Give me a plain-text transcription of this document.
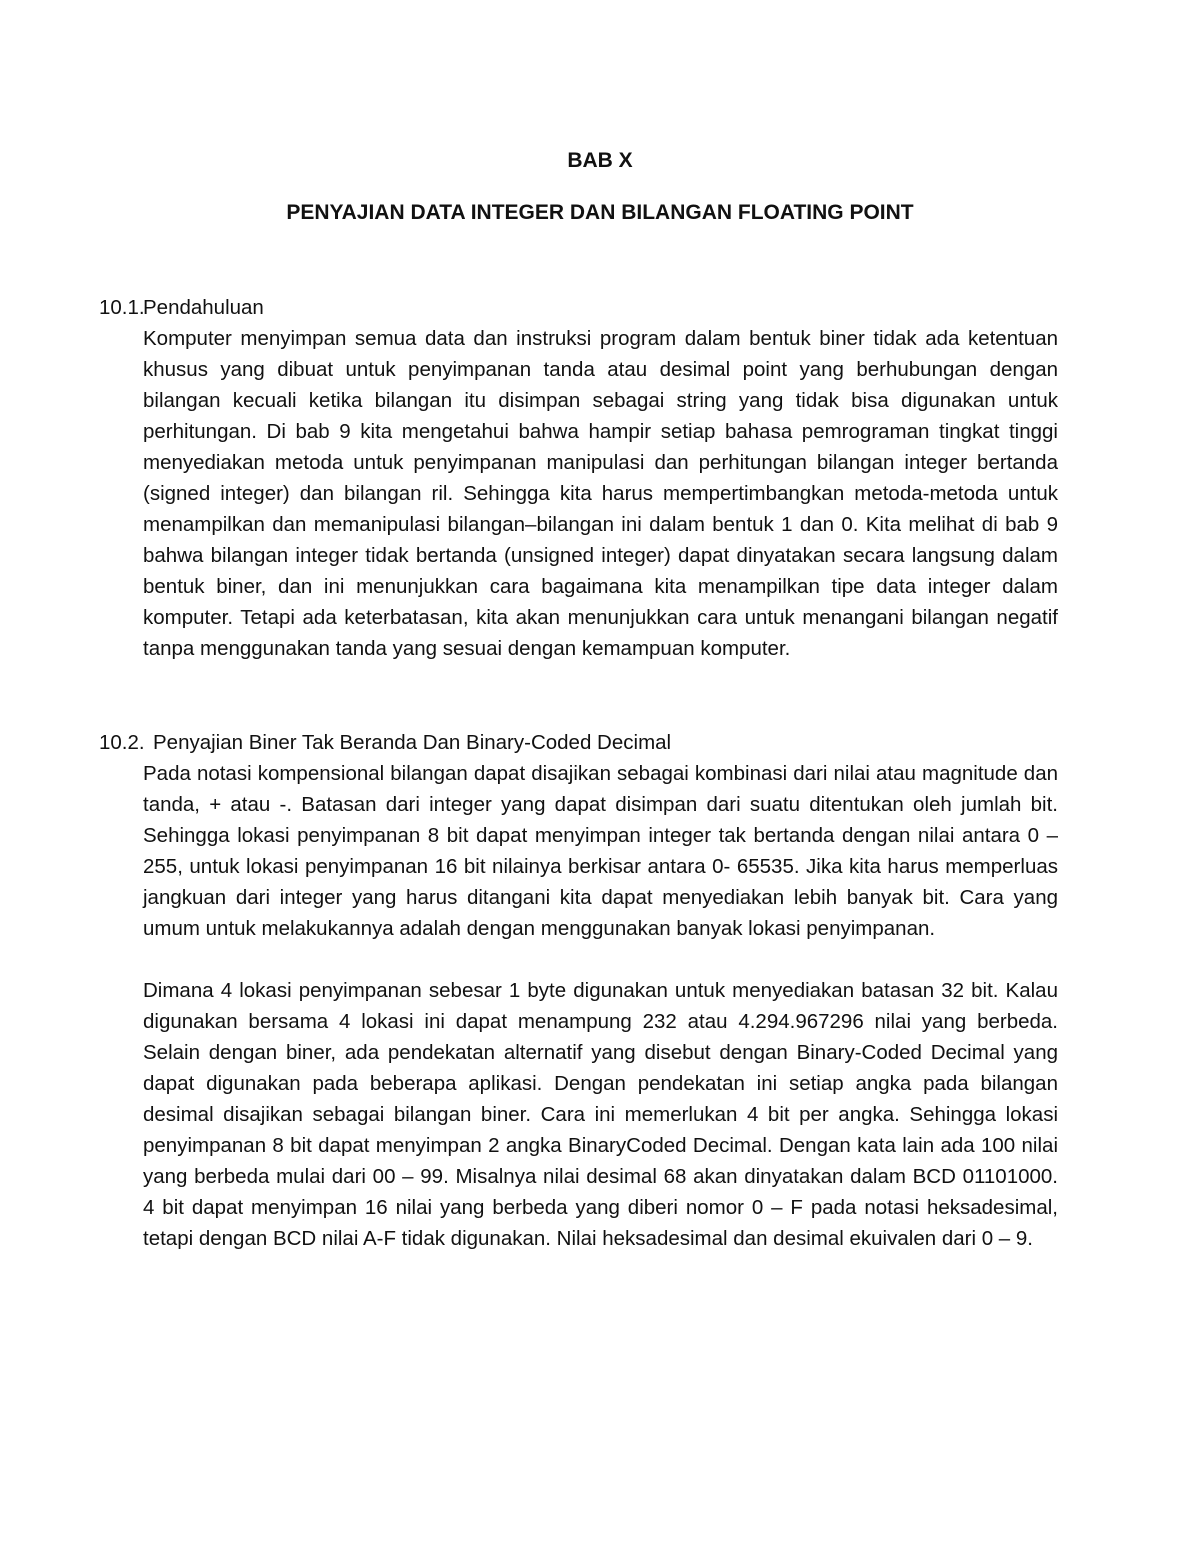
BAB X
PENYAJIAN DATA INTEGER DAN BILANGAN FLOATING POINT
10.1.
Pendahuluan

Komputer menyimpan semua data dan instruksi program dalam bentuk biner tidak ada ketentuan khusus yang dibuat untuk penyimpanan tanda atau desimal point yang berhubungan dengan bilangan kecuali ketika bilangan itu disimpan sebagai string yang tidak bisa digunakan untuk perhitungan. Di bab 9 kita mengetahui bahwa hampir setiap bahasa pemrograman tingkat tinggi menyediakan metoda untuk penyimpanan manipulasi dan perhitungan bilangan integer bertanda (signed integer) dan bilangan ril. Sehingga kita harus mempertimbangkan metoda-metoda untuk menampilkan dan memanipulasi bilangan–bilangan ini dalam bentuk 1 dan 0. Kita melihat di bab 9 bahwa bilangan integer tidak bertanda (unsigned integer) dapat dinyatakan secara langsung dalam bentuk biner, dan ini menunjukkan cara bagaimana kita menampilkan tipe data integer dalam komputer. Tetapi ada keterbatasan, kita akan menunjukkan cara untuk menangani bilangan negatif tanpa menggunakan tanda yang sesuai dengan kemampuan komputer.

10.2. Penyajian Biner Tak Beranda Dan Binary-Coded Decimal

Pada notasi kompensional bilangan dapat disajikan sebagai kombinasi dari nilai atau magnitude dan tanda, + atau -. Batasan dari integer yang dapat disimpan dari suatu ditentukan oleh jumlah bit. Sehingga lokasi penyimpanan 8 bit dapat menyimpan integer tak bertanda dengan nilai antara 0 – 255, untuk lokasi penyimpanan 16 bit nilainya berkisar antara 0- 65535. Jika kita harus memperluas jangkuan dari integer yang harus ditangani kita dapat menyediakan lebih banyak bit. Cara yang umum untuk melakukannya adalah dengan menggunakan banyak lokasi penyimpanan.

Dimana 4 lokasi penyimpanan sebesar 1 byte digunakan untuk menyediakan batasan 32 bit. Kalau digunakan bersama 4 lokasi ini dapat menampung 232 atau 4.294.967296 nilai yang berbeda. Selain dengan biner, ada pendekatan alternatif yang disebut dengan Binary-Coded Decimal yang dapat digunakan pada beberapa aplikasi. Dengan pendekatan ini setiap angka pada bilangan desimal disajikan sebagai bilangan biner. Cara ini memerlukan 4 bit per angka. Sehingga lokasi penyimpanan 8 bit dapat menyimpan 2 angka BinaryCoded Decimal. Dengan kata lain ada 100 nilai yang berbeda mulai dari 00 – 99. Misalnya nilai desimal 68 akan dinyatakan dalam BCD 01101000. 4 bit dapat menyimpan 16 nilai yang berbeda yang diberi nomor 0 – F pada notasi heksadesimal, tetapi dengan BCD nilai A-F tidak digunakan. Nilai heksadesimal dan desimal ekuivalen dari 0 – 9.
